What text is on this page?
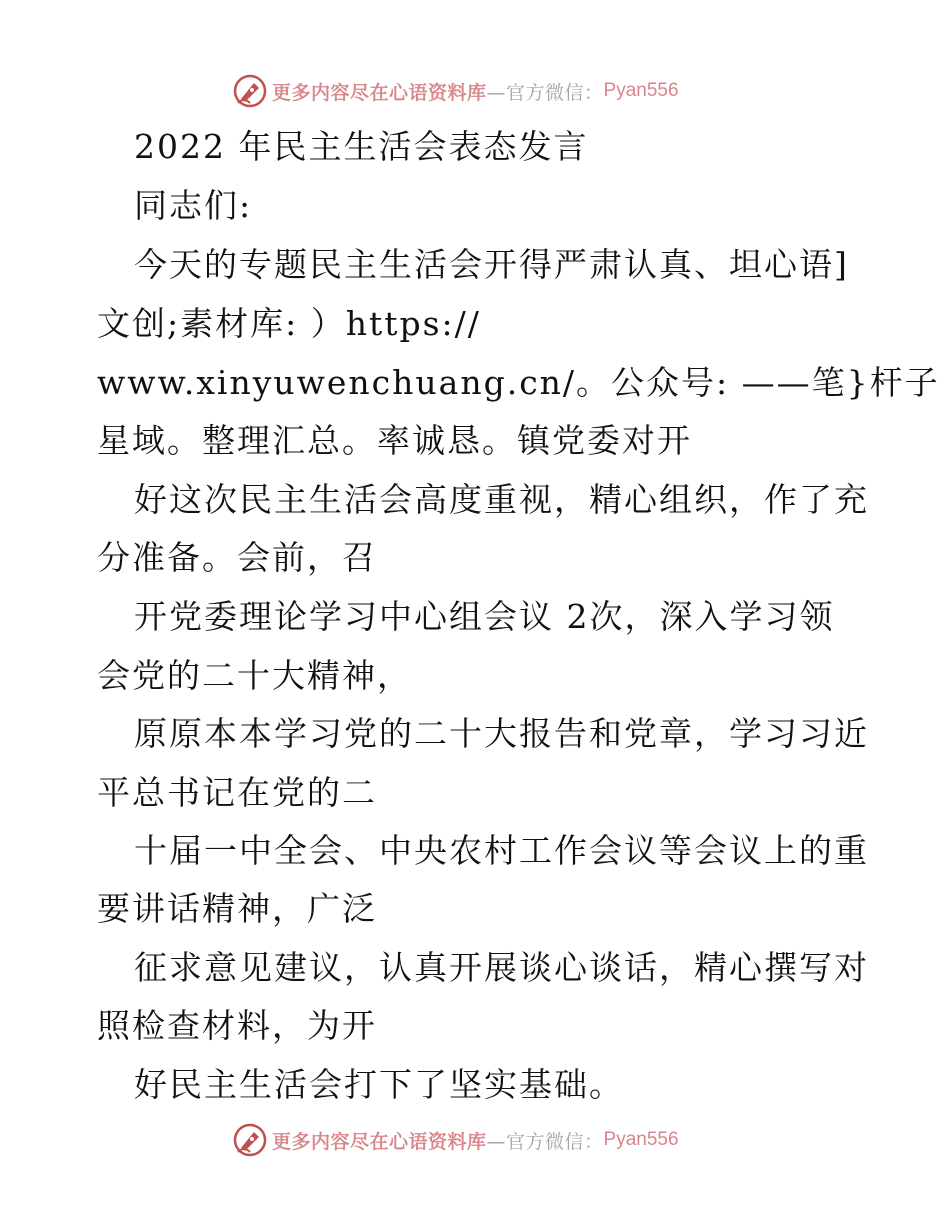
更多内容尽在心语资料库 —官方微信： Pyan556
2022 年民主生活会表态发言
同志们:
今天的专题民主生活会开得严肃认真、坦心语]
文创;素材库: ）https://
www.xinyuwenchuang.cn/。公众号: ——笔}杆子
星域。整理汇总。率诚恳。镇党委对开
好这次民主生活会高度重视，精心组织，作了充
分准备。会前，召
开党委理论学习中心组会议 2次，深入学习领
会党的二十大精神，
原原本本学习党的二十大报告和党章，学习习近
平总书记在党的二
十届一中全会、中央农村工作会议等会议上的重
要讲话精神，广泛
征求意见建议，认真开展谈心谈话，精心撰写对
照检查材料，为开
好民主生活会打下了坚实基础。
更多内容尽在心语资料库 —官方微信： Pyan556
